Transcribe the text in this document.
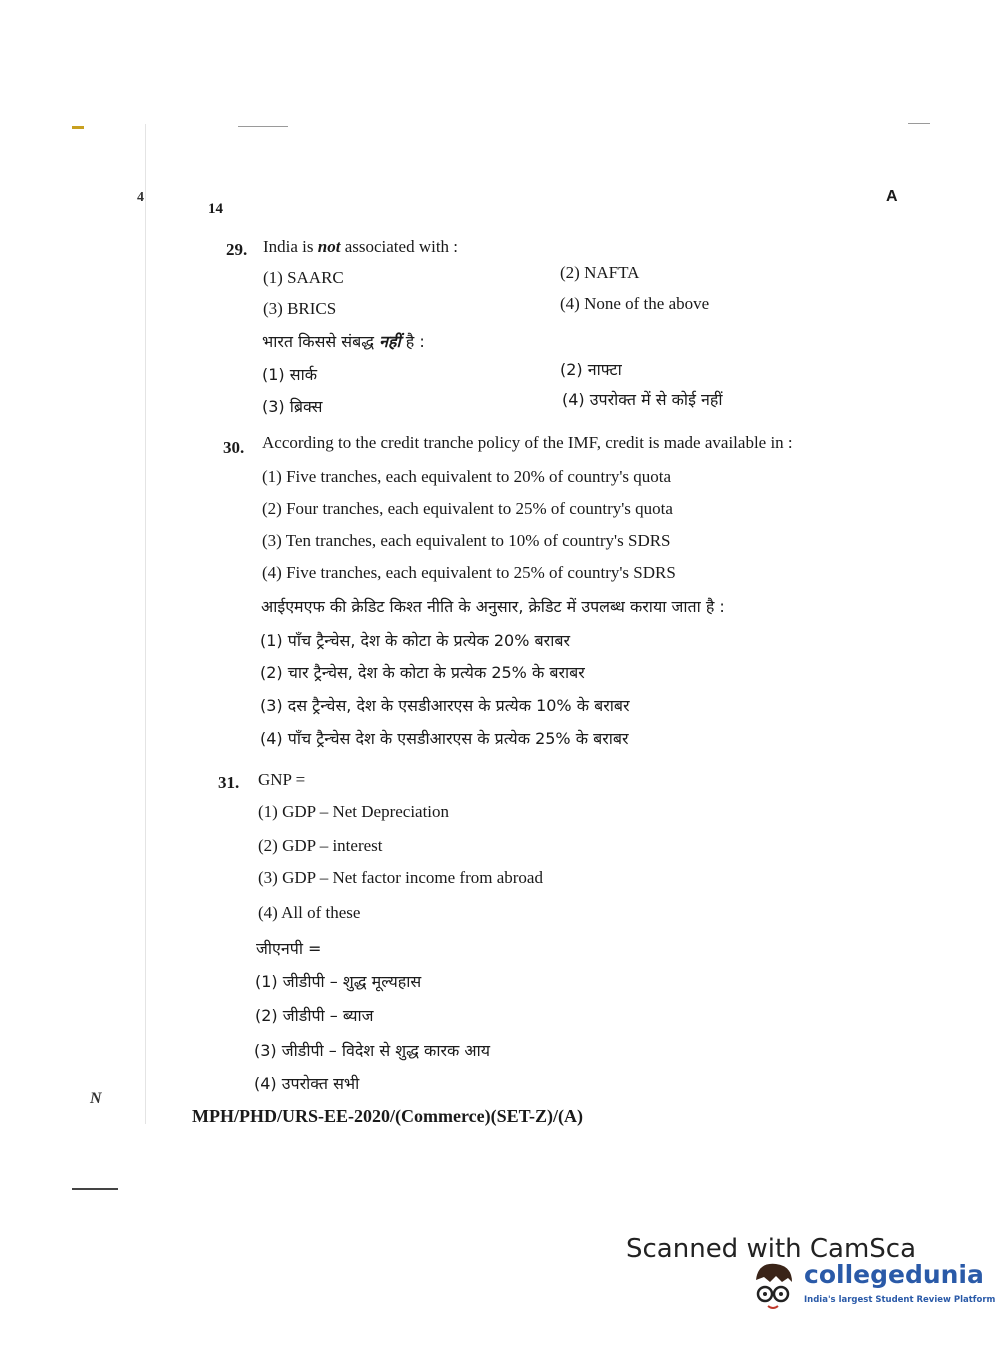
4
N
14
A
29. India is not associated with :
(1) SAARC	(2) NAFTA
(3) BRICS	(4) None of the above
भारत किससे संबद्ध नहीं है :
(1) सार्क	(2) नाफ्टा
(3) ब्रिक्स	(4) उपरोक्त में से कोई नहीं
30. According to the credit tranche policy of the IMF, credit is made available in :
(1) Five tranches, each equivalent to 20% of country's quota
(2) Four tranches, each equivalent to 25% of country's quota
(3) Ten tranches, each equivalent to 10% of country's SDRS
(4) Five tranches, each equivalent to 25% of country's SDRS
आईएमएफ की क्रेडिट किश्त नीति के अनुसार, क्रेडिट में उपलब्ध कराया जाता है :
(1) पाँच ट्रैन्चेस, देश के कोटा के प्रत्येक 20% बराबर
(2) चार ट्रैन्चेस, देश के कोटा के प्रत्येक 25% के बराबर
(3) दस ट्रैन्चेस, देश के एसडीआरएस के प्रत्येक 10% के बराबर
(4) पाँच ट्रैन्चेस देश के एसडीआरएस के प्रत्येक 25% के बराबर
31. GNP =
(1) GDP – Net Depreciation
(2) GDP – interest
(3) GDP – Net factor income from abroad
(4) All of these
जीएनपी =
(1) जीडीपी – शुद्ध मूल्यहास
(2) जीडीपी – ब्याज
(3) जीडीपी – विदेश से शुद्ध कारक आय
(4) उपरोक्त सभी
MPH/PHD/URS-EE-2020/(Commerce)(SET-Z)/(A)
Scanned with CamSca
collegedunia
India's largest Student Review Platform
